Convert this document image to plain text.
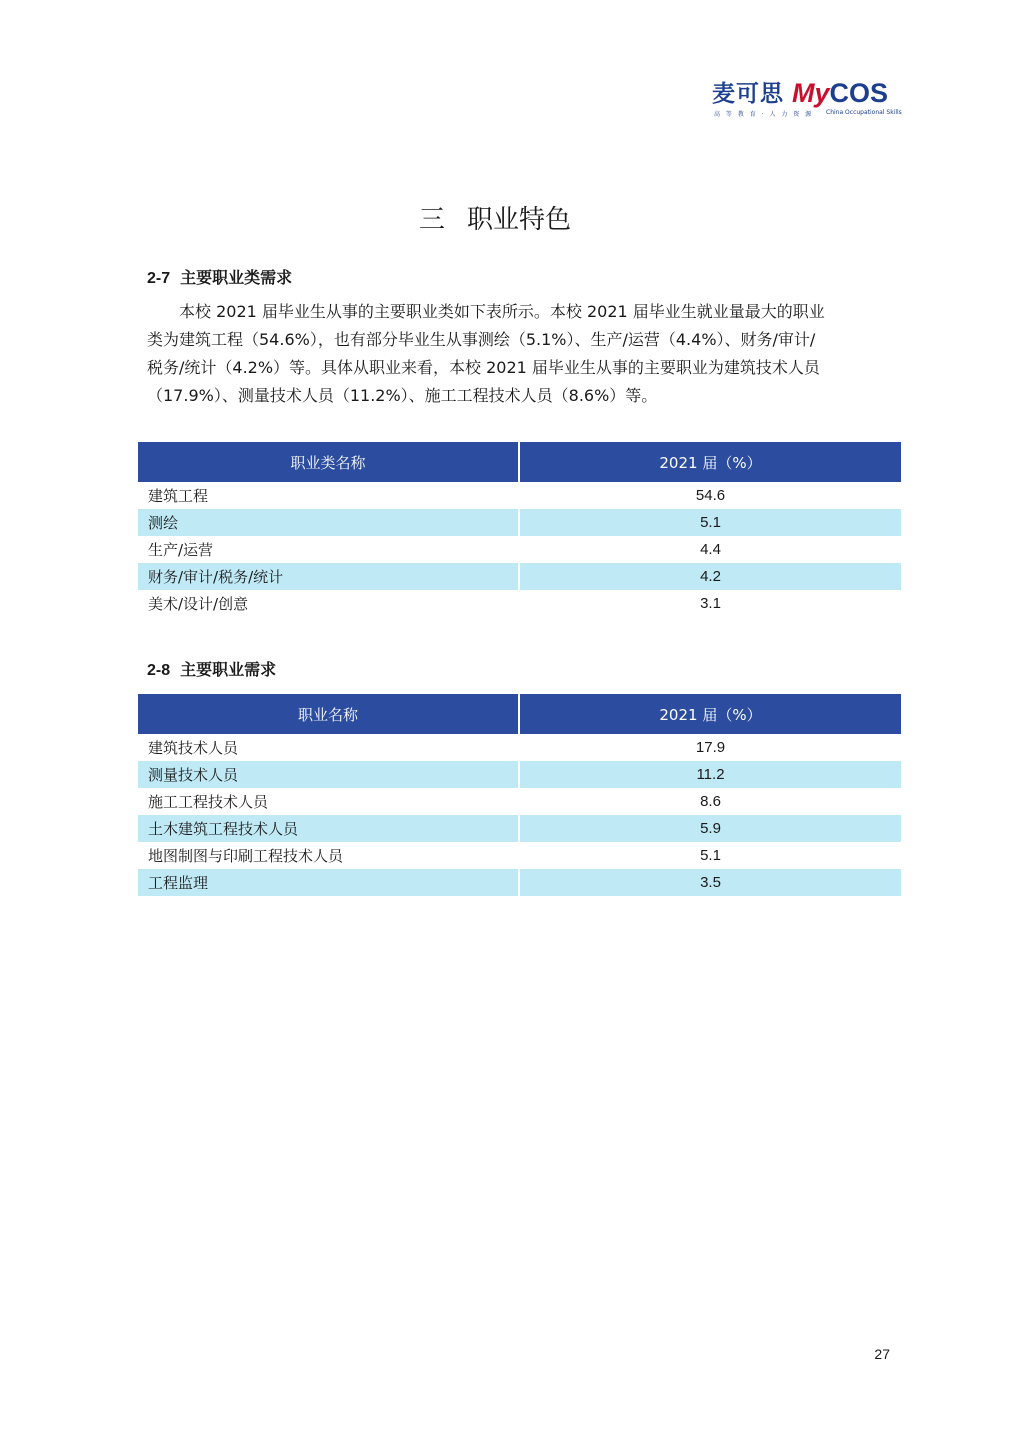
麦可思 MyCOS
高 等 教 育 · 人 力 资 源 China Occupational Skills
三 职业特色
2-7 主要职业类需求
　　本校 2021 届毕业生从事的主要职业类如下表所示。本校 2021 届毕业生就业量最大的职业
类为建筑工程（54.6%），也有部分毕业生从事测绘（5.1%）、生产/运营（4.4%）、财务/审计/
税务/统计（4.2%）等。具体从职业来看，本校 2021 届毕业生从事的主要职业为建筑技术人员
（17.9%）、测量技术人员（11.2%）、施工工程技术人员（8.6%）等。
职业类名称	2021 届（%）
建筑工程	54.6
测绘	5.1
生产/运营	4.4
财务/审计/税务/统计	4.2
美术/设计/创意	3.1
2-8 主要职业需求
职业名称	2021 届（%）
建筑技术人员	17.9
测量技术人员	11.2
施工工程技术人员	8.6
土木建筑工程技术人员	5.9
地图制图与印刷工程技术人员	5.1
工程监理	3.5
27
